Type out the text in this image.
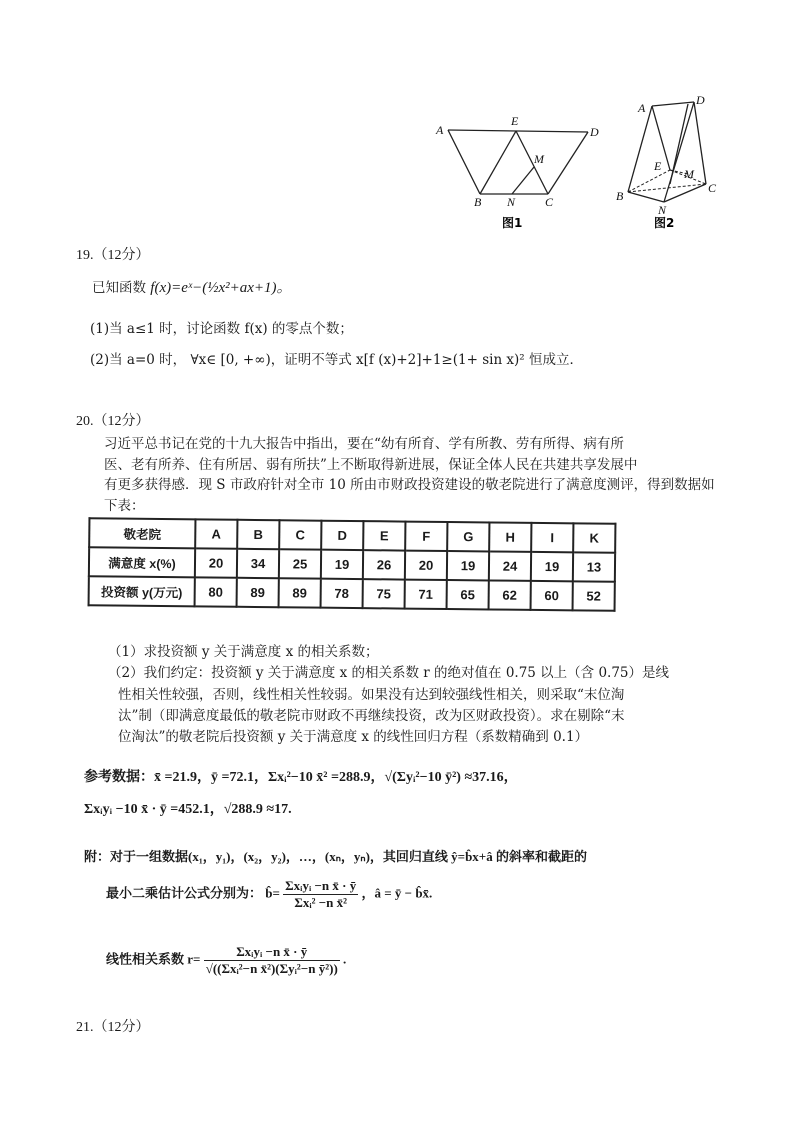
A
E
D
M
B N C
图1
A
D
E
M
B
N
C
图2
19.（12分）
已知函数 f(x)=eˣ−(½x²+ax+1)。
(1)当 a≤1 时，讨论函数 f(x) 的零点个数；
(2)当 a=0 时， ∀x∈ [0, +∞)，证明不等式 x[f (x)+2]+1≥(1+ sin x)² 恒成立．
20.（12分）
习近平总书记在党的十九大报告中指出，要在“幼有所育、学有所教、劳有所得、病有所
医、老有所养、住有所居、弱有所扶”上不断取得新进展，保证全体人民在共建共享发展中
有更多获得感．现 S 市政府针对全市 10 所由市财政投资建设的敬老院进行了满意度测评，得到数据如
下表：
敬老院	A	B	C	D	E	F	G	H	I	K
满意度 x(%)	20	34	25	19	26	20	19	24	19	13
投资额 y(万元)	80	89	89	78	75	71	65	62	60	52
（1）求投资额 y 关于满意度 x 的相关系数；
（2）我们约定：投资额 y 关于满意度 x 的相关系数 r 的绝对值在 0.75 以上（含 0.75）是线
性相关性较强，否则，线性相关性较弱。如果没有达到较强线性相关，则采取“末位淘
汰”制（即满意度最低的敬老院市财政不再继续投资，改为区财政投资）。求在剔除“末
位淘汰”的敬老院后投资额 y 关于满意度 x 的线性回归方程（系数精确到 0.1）
参考数据：x̄ =21.9，ȳ =72.1，Σxᵢ²−10 x̄² =288.9，√(Σyᵢ²−10 ȳ²) ≈37.16，
Σxᵢyᵢ −10 x̄ · ȳ =452.1，√288.9 ≈17.
附：对于一组数据(x₁，y₁)，(x₂，y₂)，…，(xₙ，yₙ)，其回归直线 ŷ=b̂x+â 的斜率和截距的
最小二乘估计公式分别为： b̂= $\frac{\text{Σxᵢyᵢ −n x̄ · ȳ}}{\text{Σxᵢ² −n x̄²}}$ ，â = ȳ − b̂x̄.
线性相关系数 $r= \frac{\text{Σxᵢyᵢ −n x̄ · ȳ}}{\text{√((Σxᵢ²−n x̄²)(Σyᵢ²−n ȳ²))}}$ .
21.（12分）
